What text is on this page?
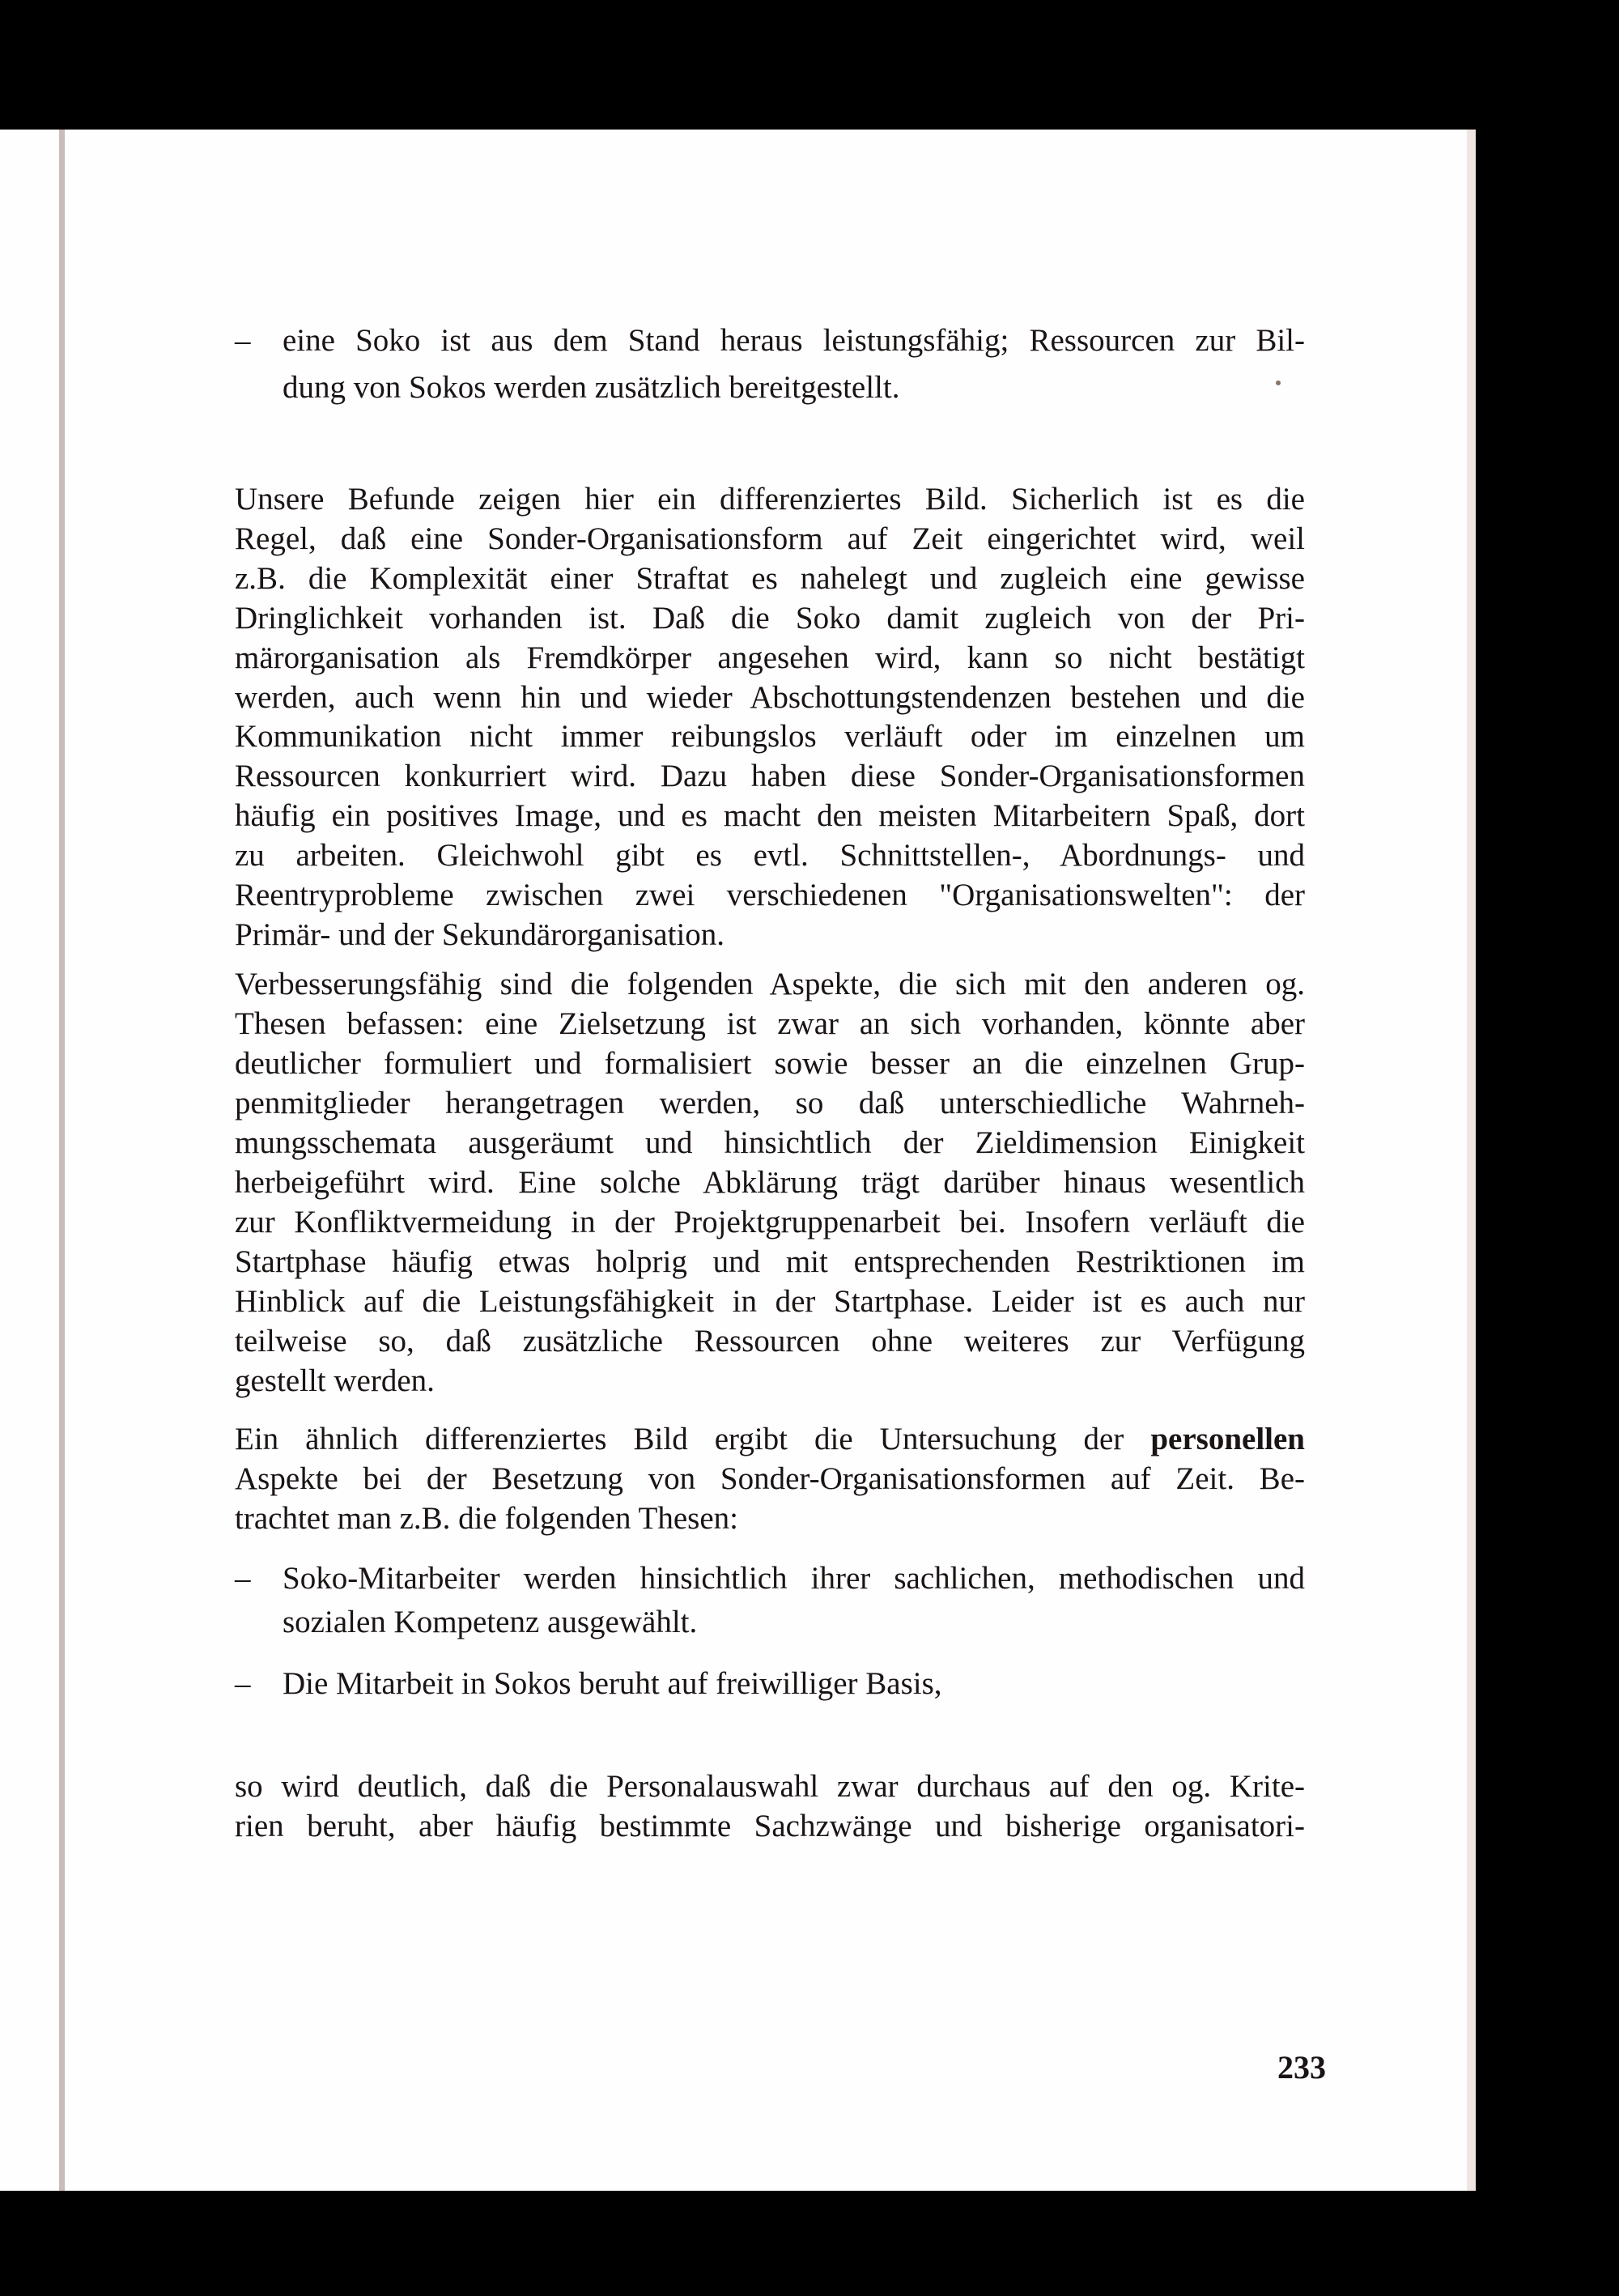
– eine Soko ist aus dem Stand heraus leistungsfähig; Ressourcen zur Bil-
dung von Sokos werden zusätzlich bereitgestellt.
Unsere Befunde zeigen hier ein differenziertes Bild. Sicherlich ist es die
Regel, daß eine Sonder-Organisationsform auf Zeit eingerichtet wird, weil
z.B. die Komplexität einer Straftat es nahelegt und zugleich eine gewisse
Dringlichkeit vorhanden ist. Daß die Soko damit zugleich von der Pri-
märorganisation als Fremdkörper angesehen wird, kann so nicht bestätigt
werden, auch wenn hin und wieder Abschottungstendenzen bestehen und die
Kommunikation nicht immer reibungslos verläuft oder im einzelnen um
Ressourcen konkurriert wird. Dazu haben diese Sonder-Organisationsformen
häufig ein positives Image, und es macht den meisten Mitarbeitern Spaß, dort
zu arbeiten. Gleichwohl gibt es evtl. Schnittstellen-, Abordnungs- und
Reentryprobleme zwischen zwei verschiedenen "Organisationswelten": der
Primär- und der Sekundärorganisation.
Verbesserungsfähig sind die folgenden Aspekte, die sich mit den anderen og.
Thesen befassen: eine Zielsetzung ist zwar an sich vorhanden, könnte aber
deutlicher formuliert und formalisiert sowie besser an die einzelnen Grup-
penmitglieder herangetragen werden, so daß unterschiedliche Wahrneh-
mungsschemata ausgeräumt und hinsichtlich der Zieldimension Einigkeit
herbeigeführt wird. Eine solche Abklärung trägt darüber hinaus wesentlich
zur Konfliktvermeidung in der Projektgruppenarbeit bei. Insofern verläuft die
Startphase häufig etwas holprig und mit entsprechenden Restriktionen im
Hinblick auf die Leistungsfähigkeit in der Startphase. Leider ist es auch nur
teilweise so, daß zusätzliche Ressourcen ohne weiteres zur Verfügung
gestellt werden.
Ein ähnlich differenziertes Bild ergibt die Untersuchung der personellen
Aspekte bei der Besetzung von Sonder-Organisationsformen auf Zeit. Be-
trachtet man z.B. die folgenden Thesen:
– Soko-Mitarbeiter werden hinsichtlich ihrer sachlichen, methodischen und
sozialen Kompetenz ausgewählt.
– Die Mitarbeit in Sokos beruht auf freiwilliger Basis,
so wird deutlich, daß die Personalauswahl zwar durchaus auf den og. Krite-
rien beruht, aber häufig bestimmte Sachzwänge und bisherige organisatori-
233
